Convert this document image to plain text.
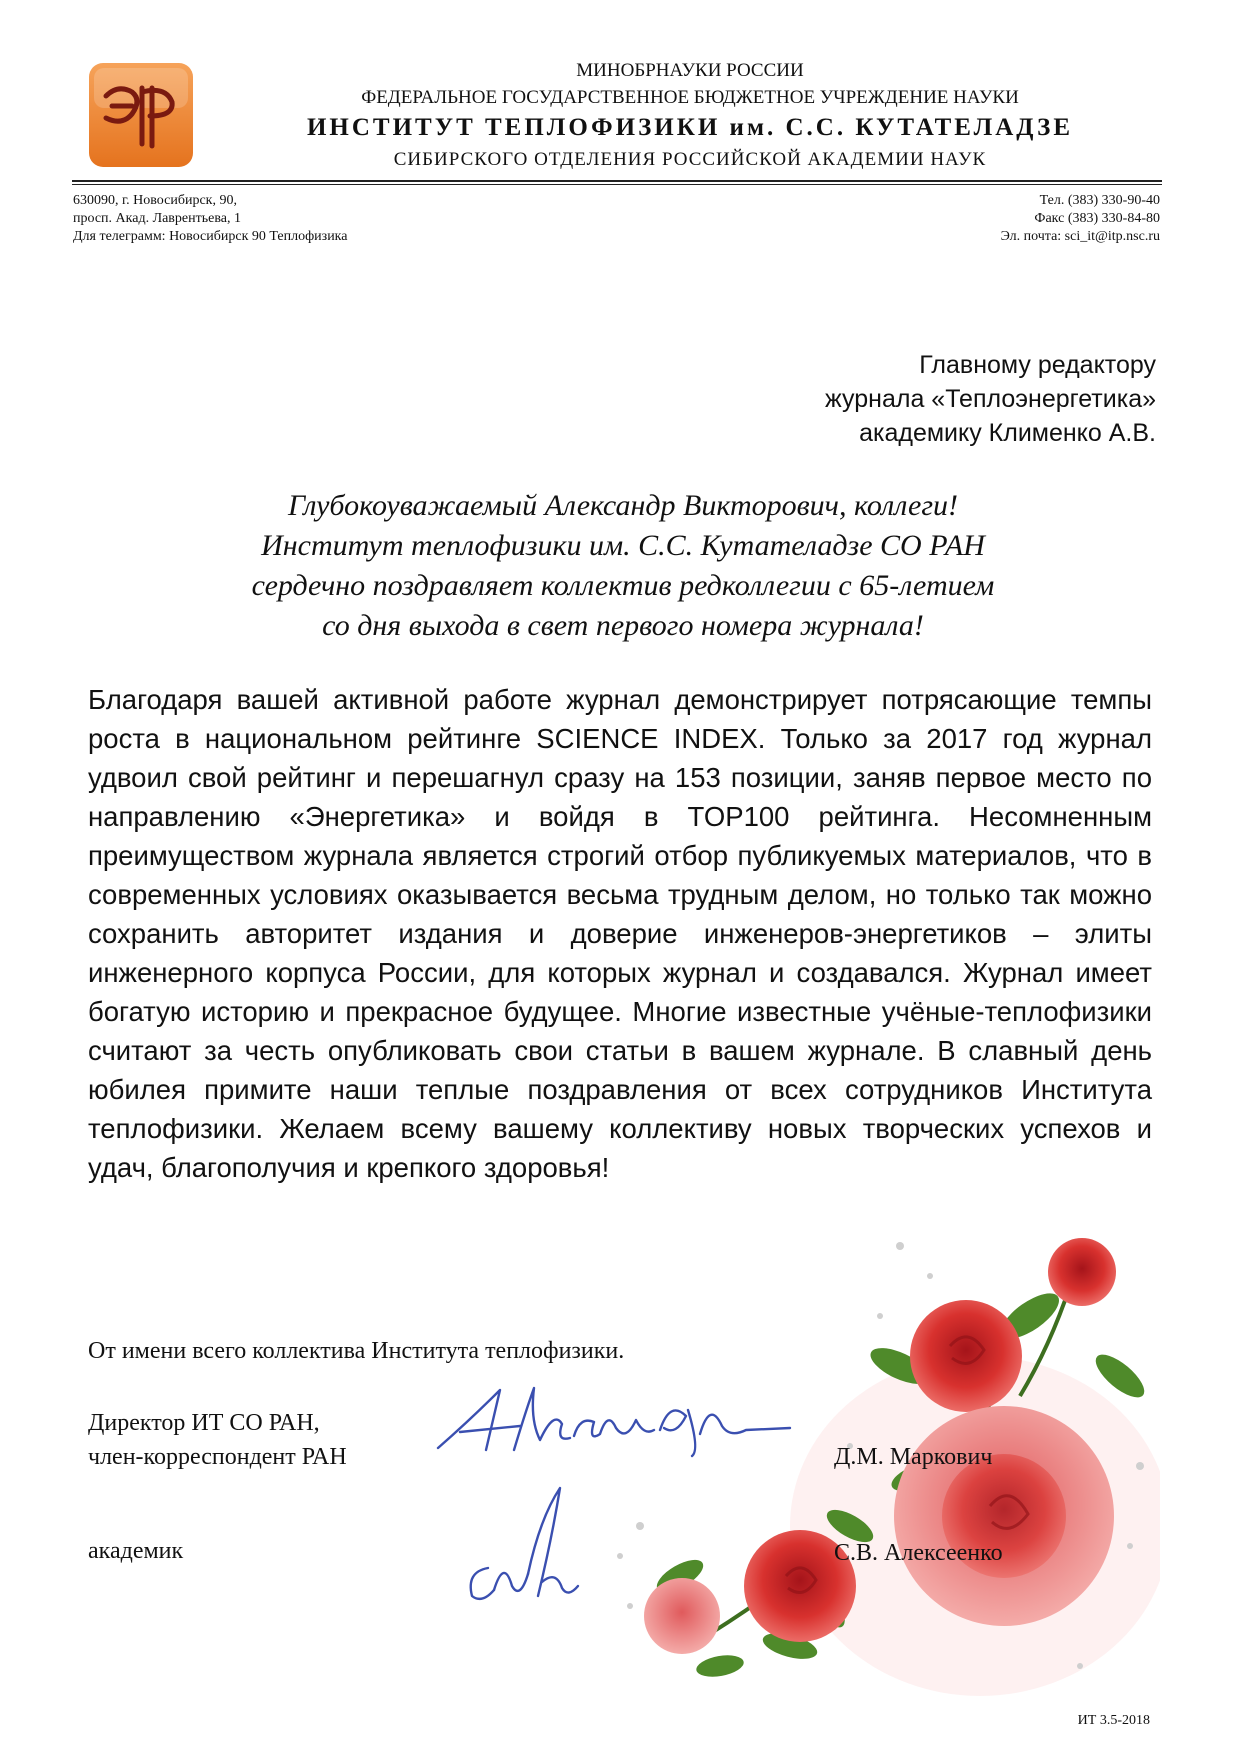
МИНОБРНАУКИ РОССИИ
ФЕДЕРАЛЬНОЕ ГОСУДАРСТВЕННОЕ БЮДЖЕТНОЕ УЧРЕЖДЕНИЕ НАУКИ
ИНСТИТУТ ТЕПЛОФИЗИКИ им. С.С. КУТАТЕЛАДЗЕ
СИБИРСКОГО ОТДЕЛЕНИЯ РОССИЙСКОЙ АКАДЕМИИ НАУК
630090, г. Новосибирск, 90,
просп. Акад. Лаврентьева, 1
Для телеграмм: Новосибирск 90 Теплофизика
Тел. (383) 330-90-40
Факс (383) 330-84-80
Эл. почта: sci_it@itp.nsc.ru
Главному редактору
журнала «Теплоэнергетика»
академику Клименко А.В.
Глубокоуважаемый Александр Викторович, коллеги!
Институт теплофизики им. С.С. Кутателадзе СО РАН
сердечно поздравляет коллектив редколлегии с 65-летием
со дня выхода в свет первого номера журнала!
Благодаря вашей активной работе журнал демонстрирует потрясающие темпы роста в национальном рейтинге SCIENCE INDEX. Только за 2017 год журнал удвоил свой рейтинг и перешагнул сразу на 153 позиции, заняв первое место по направлению «Энергетика» и войдя в TOP100 рейтинга. Несомненным преимуществом журнала является строгий отбор публикуемых материалов, что в современных условиях оказывается весьма трудным делом, но только так можно сохранить авторитет издания и доверие инженеров-энергетиков – элиты инженерного корпуса России, для которых журнал и создавался. Журнал имеет богатую историю и прекрасное будущее. Многие известные учёные-теплофизики считают за честь опубликовать свои статьи в вашем журнале. В славный день юбилея примите наши теплые поздравления от всех сотрудников Института теплофизики. Желаем всему вашему коллективу новых творческих успехов и удач, благополучия и крепкого здоровья!
От имени всего коллектива Института теплофизики.
Директор ИТ СО РАН,
член-корреспондент РАН	Д.М. Маркович
академик	С.В. Алексеенко
ИТ 3.5-2018
